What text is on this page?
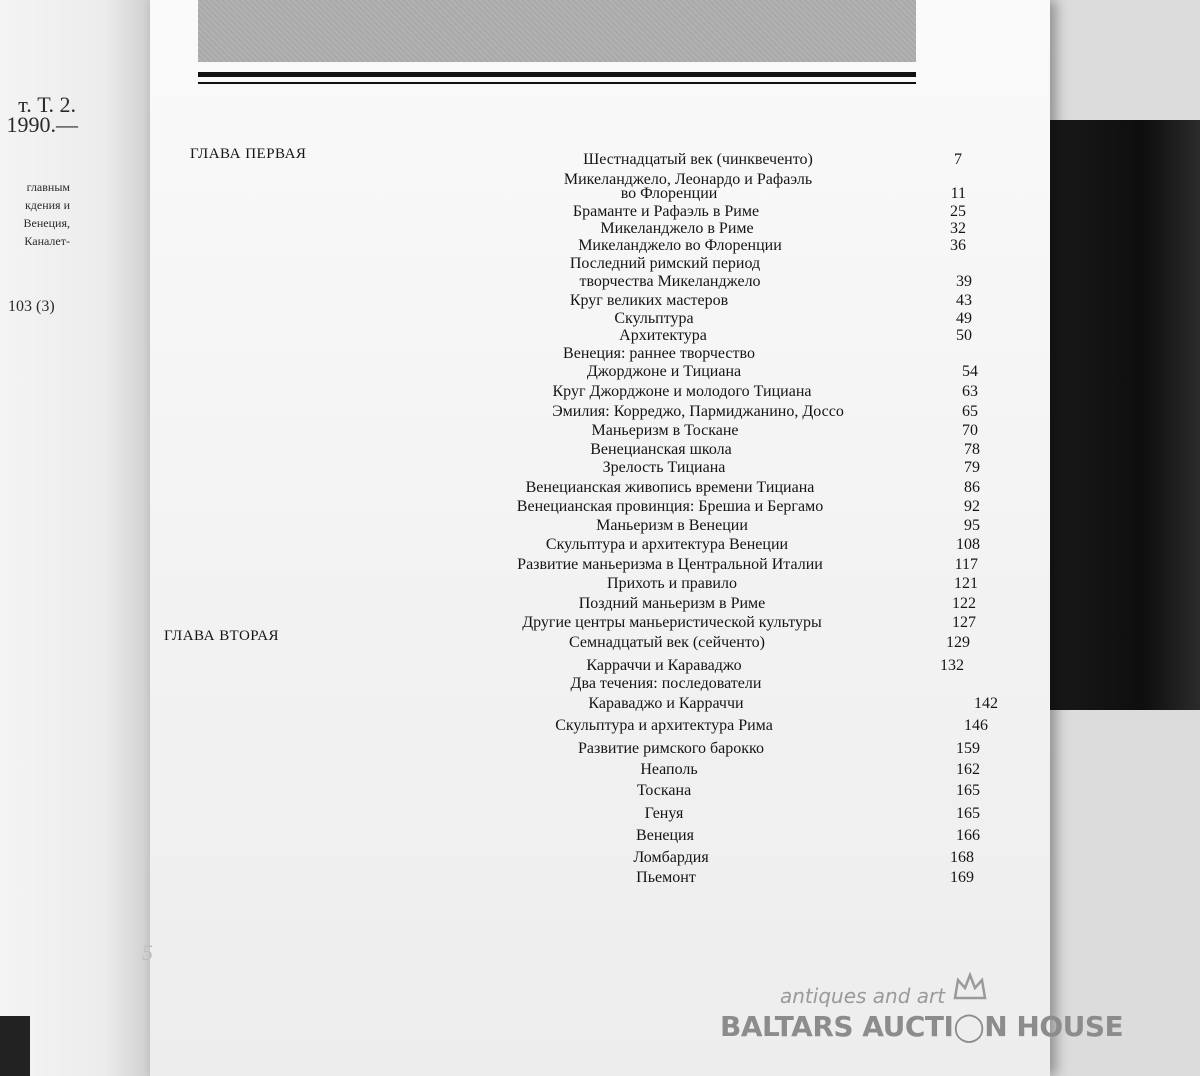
т. Т. 2.
1990.—
главным
кдения и
Венеция,
Каналет-
103 (3)
ГЛАВА ПЕРВАЯ
ГЛАВА ВТОРАЯ
Шестнадцатый век (чинквеченто)	7
Микеланджело, Леонардо и Рафаэль
во Флоренции	11
Браманте и Рафаэль в Риме	25
Микеланджело в Риме	32
Микеланджело во Флоренции	36
Последний римский период
творчества Микеланджело	39
Круг великих мастеров	43
Скульптура	49
Архитектура	50
Венеция: раннее творчество
Джорджоне и Тициана	54
Круг Джорджоне и молодого Тициана	63
Эмилия: Корреджо, Пармиджанино, Доссо	65
Маньеризм в Тоскане	70
Венецианская школа	78
Зрелость Тициана	79
Венецианская живопись времени Тициана	86
Венецианская провинция: Брешиа и Бергамо	92
Маньеризм в Венеции	95
Скульптура и архитектура Венеции	108
Развитие маньеризма в Центральной Италии	117
Прихоть и правило	121
Поздний маньеризм в Риме	122
Другие центры маньеристической культуры	127
Семнадцатый век (сейченто)	129
Карраччи и Караваджо	132
Два течения: последователи
Караваджо и Карраччи	142
Скульптура и архитектура Рима	146
Развитие римского барокко	159
Неаполь	162
Тоскана	165
Генуя	165
Венеция	166
Ломбардия	168
Пьемонт	169
5
antiques and art
BALTARS AUCTI◯N HOUSE
